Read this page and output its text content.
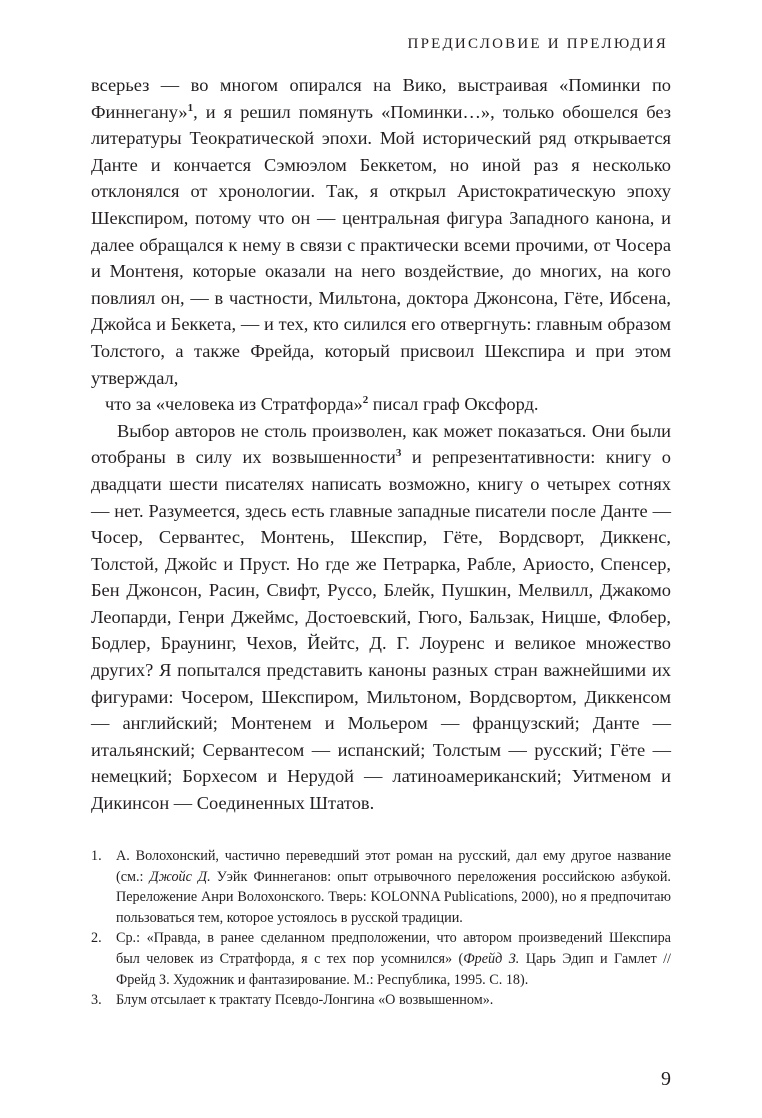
ПРЕДИСЛОВИЕ И ПРЕЛЮДИЯ

всерьез — во многом опирался на Вико, выстраивая «Поминки по Финнегану»$^1$, и я решил помянуть «Поминки…», только обошелся без литературы Теократической эпохи. Мой исторический ряд открывается Данте и кончается Сэмюэлом Беккетом, но иной раз я несколько отклонялся от хронологии. Так, я открыл Аристократическую эпоху Шекспиром, потому что он — центральная фигура Западного канона, и далее обращался к нему в связи с практически всеми прочими, от Чосера и Монтеня, которые оказали на него воздействие, до многих, на кого повлиял он, — в частности, Мильтона, доктора Джонсона, Гёте, Ибсена, Джойса и Беккета, — и тех, кто силился его отвергнуть: главным образом Толстого, а также Фрейда, который присвоил Шекспира и при этом утверждал,

что за «человека из Стратфорда»$^2$ писал граф Оксфорд.

Выбор авторов не столь произволен, как может показаться. Они были отобраны в силу их возвышенности$^3$ и репрезентативности: книгу о двадцати шести писателях написать возможно, книгу о четырех сотнях — нет. Разумеется, здесь есть главные западные писатели после Данте — Чосер, Сервантес, Монтень, Шекспир, Гёте, Вордсворт, Диккенс, Толстой, Джойс и Пруст. Но где же Петрарка, Рабле, Ариосто, Спенсер, Бен Джонсон, Расин, Свифт, Руссо, Блейк, Пушкин, Мелвилл, Джакомо Леопарди, Генри Джеймс, Достоевский, Гюго, Бальзак, Ницше, Флобер, Бодлер, Браунинг, Чехов, Йейтс, Д. Г. Лоуренс и великое множество других? Я попытался представить каноны разных стран важнейшими их фигурами: Чосером, Шекспиром, Мильтоном, Вордсвортом, Диккенсом — английский; Монтенем и Мольером — французский; Данте — итальянский; Сервантесом — испанский; Толстым — русский; Гёте — немецкий; Борхесом и Нерудой — латиноамериканский; Уитменом и Дикинсон — Соединенных Штатов.

1. А. Волохонский, частично переведший этот роман на русский, дал ему другое название (см.: Джойс Д. Уэйк Финнеганов: опыт отрывочного переложения российскою азбукой. Переложение Анри Волохонского. Тверь: KOLONNA Publications, 2000), но я предпочитаю пользоваться тем, которое устоялось в русской традиции.
2. Ср.: «Правда, в ранее сделанном предположении, что автором произведений Шекспира был человек из Стратфорда, я с тех пор усомнился» (Фрейд З. Царь Эдип и Гамлет // Фрейд З. Художник и фантазирование. М.: Республика, 1995. С. 18).
3. Блум отсылает к трактату Псевдо-Лонгина «О возвышенном».
9
